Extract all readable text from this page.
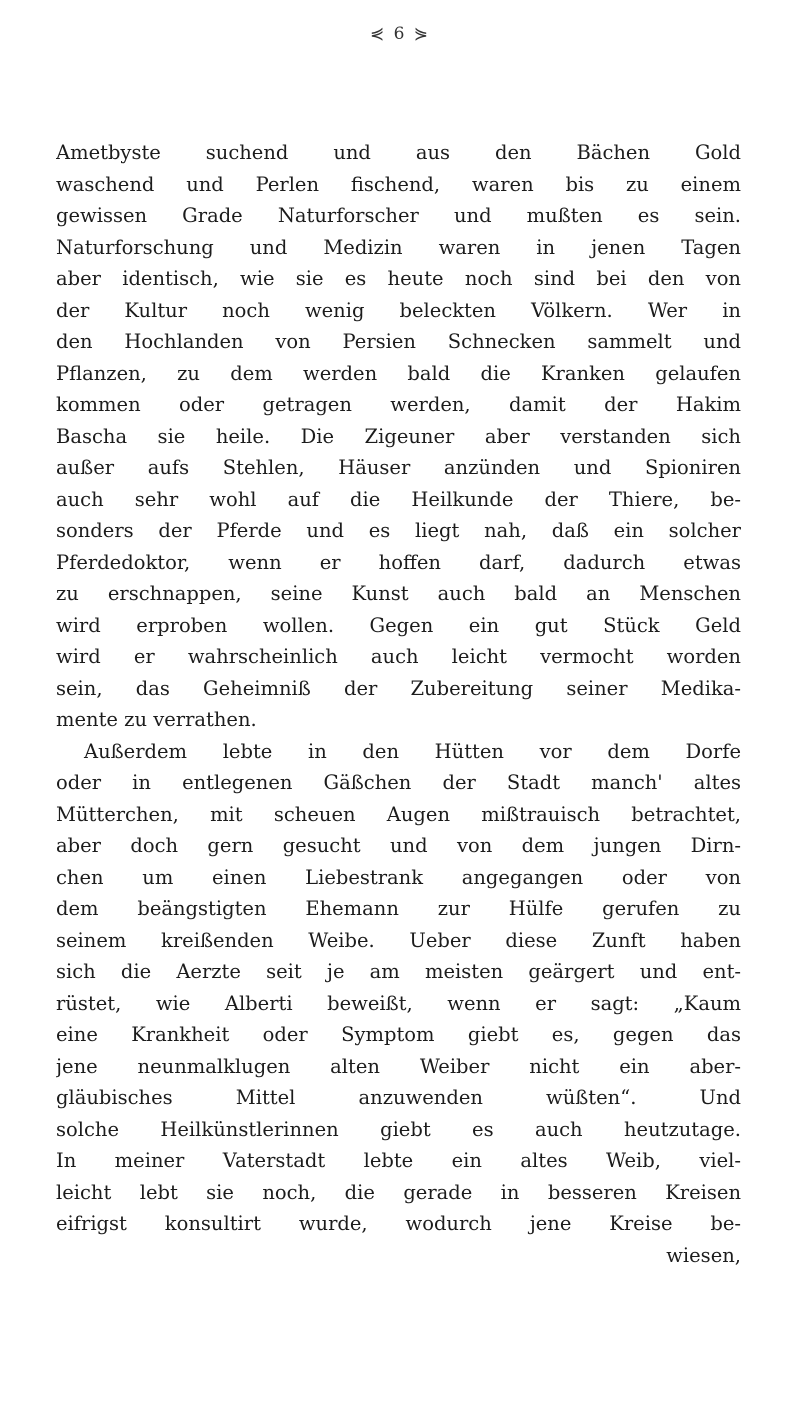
⋞ 6 ⋟
Ametbyste suchend und aus den Bächen Gold
waschend und Perlen fischend, waren bis zu einem
gewissen Grade Naturforscher und mußten es sein.
Naturforschung und Medizin waren in jenen Tagen
aber identisch, wie sie es heute noch sind bei den von
der Kultur noch wenig beleckten Völkern. Wer in
den Hochlanden von Persien Schnecken sammelt und
Pflanzen, zu dem werden bald die Kranken gelaufen
kommen oder getragen werden, damit der Hakim
Bascha sie heile. Die Zigeuner aber verstanden sich
außer aufs Stehlen, Häuser anzünden und Spioniren
auch sehr wohl auf die Heilkunde der Thiere, be-
sonders der Pferde und es liegt nah, daß ein solcher
Pferdedoktor, wenn er hoffen darf, dadurch etwas
zu erschnappen, seine Kunst auch bald an Menschen
wird erproben wollen. Gegen ein gut Stück Geld
wird er wahrscheinlich auch leicht vermocht worden
sein, das Geheimniß der Zubereitung seiner Medika-
mente zu verrathen.
Außerdem lebte in den Hütten vor dem Dorfe
oder in entlegenen Gäßchen der Stadt manch' altes
Mütterchen, mit scheuen Augen mißtrauisch betrachtet,
aber doch gern gesucht und von dem jungen Dirn-
chen um einen Liebestrank angegangen oder von
dem beängstigten Ehemann zur Hülfe gerufen zu
seinem kreißenden Weibe. Ueber diese Zunft haben
sich die Aerzte seit je am meisten geärgert und ent-
rüstet, wie Alberti beweißt, wenn er sagt: „Kaum
eine Krankheit oder Symptom giebt es, gegen das
jene neunmalklugen alten Weiber nicht ein aber-
gläubisches Mittel anzuwenden wüßten“. Und
solche Heilkünstlerinnen giebt es auch heutzutage.
In meiner Vaterstadt lebte ein altes Weib, viel-
leicht lebt sie noch, die gerade in besseren Kreisen
eifrigst konsultirt wurde, wodurch jene Kreise be-
wiesen,
